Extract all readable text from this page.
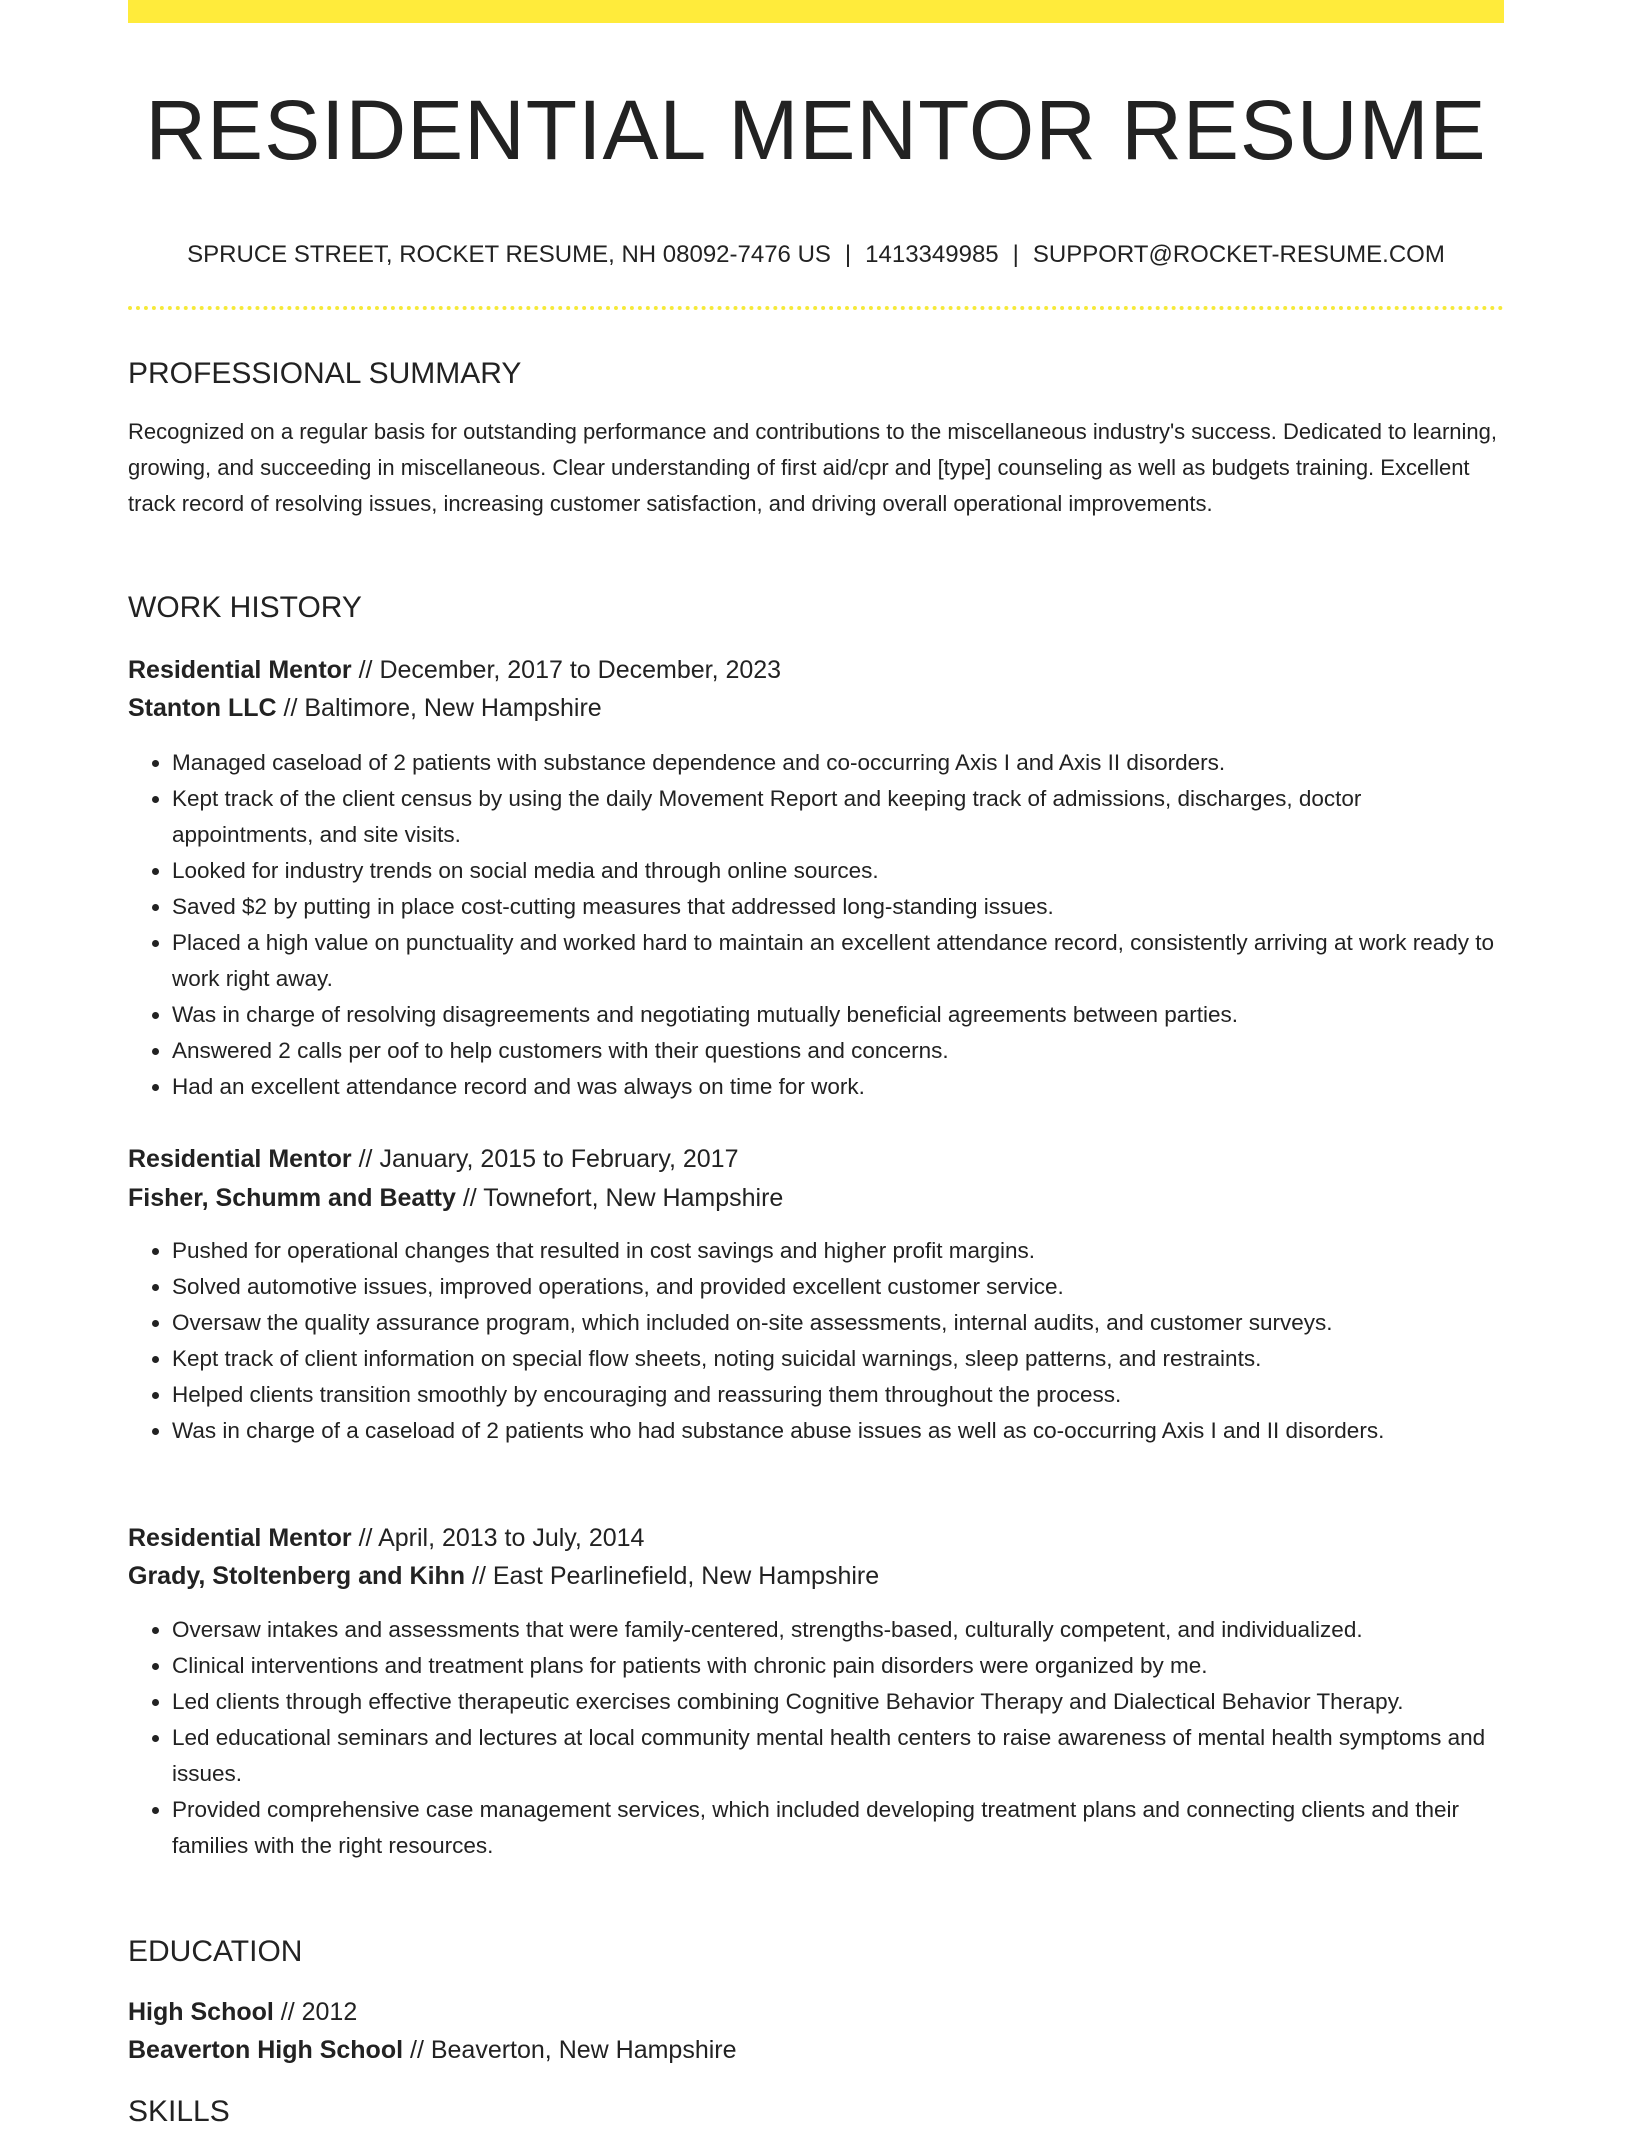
RESIDENTIAL MENTOR RESUME
SPRUCE STREET, ROCKET RESUME, NH 08092-7476 US | 1413349985 | SUPPORT@ROCKET-RESUME.COM
PROFESSIONAL SUMMARY

Recognized on a regular basis for outstanding performance and contributions to the miscellaneous industry's success. Dedicated to learning, growing, and succeeding in miscellaneous. Clear understanding of first aid/cpr and [type] counseling as well as budgets training. Excellent track record of resolving issues, increasing customer satisfaction, and driving overall operational improvements.

WORK HISTORY
Residential Mentor // December, 2017 to December, 2023
Stanton LLC // Baltimore, New Hampshire
• Managed caseload of 2 patients with substance dependence and co-occurring Axis I and Axis II disorders.
• Kept track of the client census by using the daily Movement Report and keeping track of admissions, discharges, doctor appointments, and site visits.
• Looked for industry trends on social media and through online sources.
• Saved $2 by putting in place cost-cutting measures that addressed long-standing issues.
• Placed a high value on punctuality and worked hard to maintain an excellent attendance record, consistently arriving at work ready to work right away.
• Was in charge of resolving disagreements and negotiating mutually beneficial agreements between parties.
• Answered 2 calls per oof to help customers with their questions and concerns.
• Had an excellent attendance record and was always on time for work.
Residential Mentor // January, 2015 to February, 2017
Fisher, Schumm and Beatty // Townefort, New Hampshire
• Pushed for operational changes that resulted in cost savings and higher profit margins.
• Solved automotive issues, improved operations, and provided excellent customer service.
• Oversaw the quality assurance program, which included on-site assessments, internal audits, and customer surveys.
• Kept track of client information on special flow sheets, noting suicidal warnings, sleep patterns, and restraints.
• Helped clients transition smoothly by encouraging and reassuring them throughout the process.
• Was in charge of a caseload of 2 patients who had substance abuse issues as well as co-occurring Axis I and II disorders.
Residential Mentor // April, 2013 to July, 2014
Grady, Stoltenberg and Kihn // East Pearlinefield, New Hampshire
• Oversaw intakes and assessments that were family-centered, strengths-based, culturally competent, and individualized.
• Clinical interventions and treatment plans for patients with chronic pain disorders were organized by me.
• Led clients through effective therapeutic exercises combining Cognitive Behavior Therapy and Dialectical Behavior Therapy.
• Led educational seminars and lectures at local community mental health centers to raise awareness of mental health symptoms and issues.
• Provided comprehensive case management services, which included developing treatment plans and connecting clients and their families with the right resources.
EDUCATION
High School // 2012
Beaverton High School // Beaverton, New Hampshire
SKILLS
